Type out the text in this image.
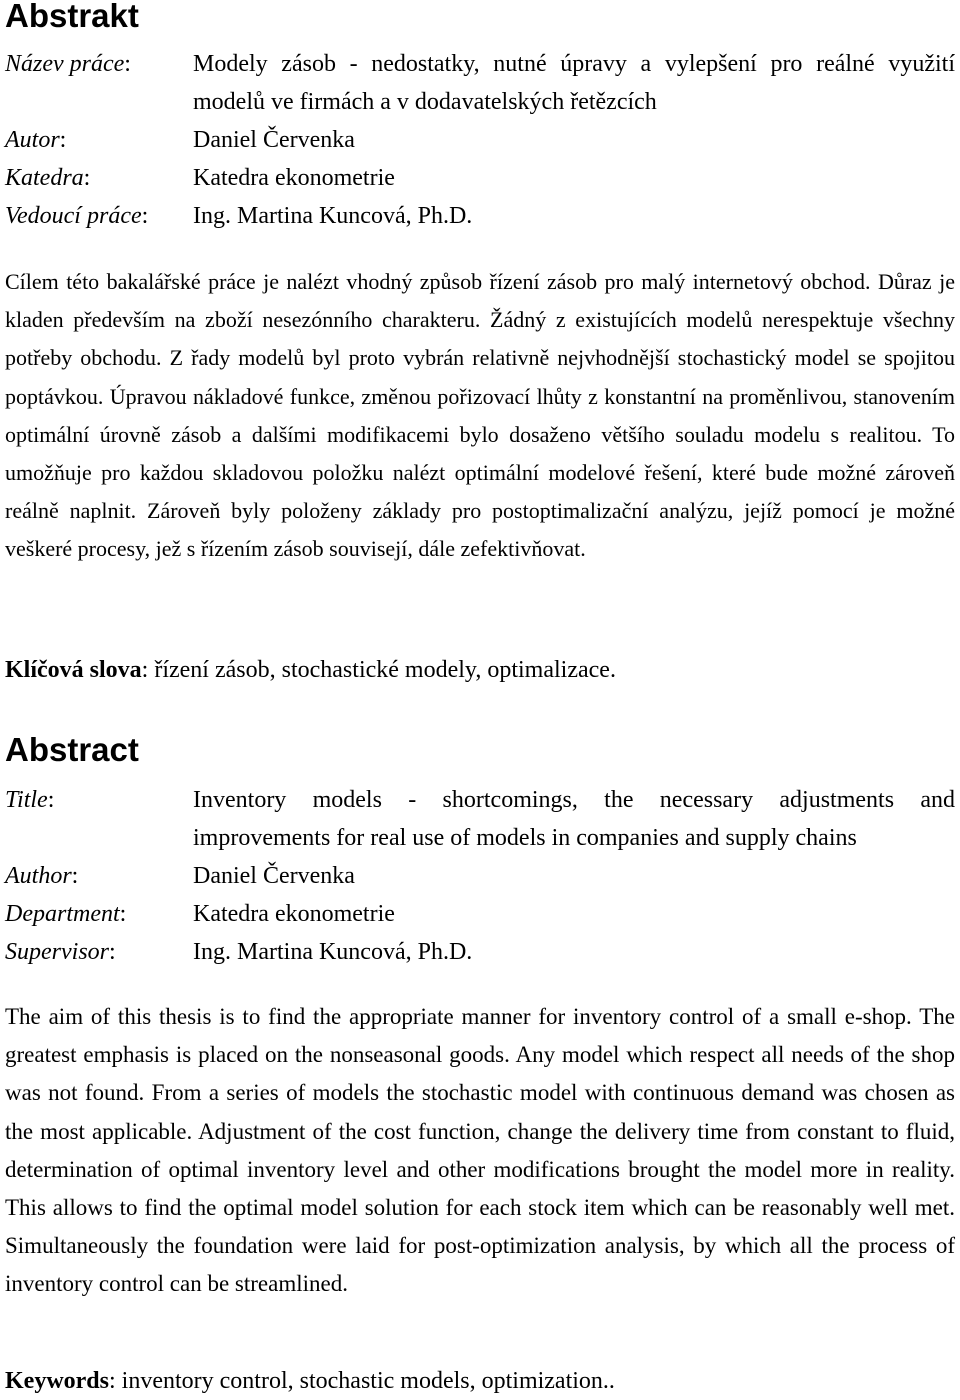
Abstrakt
Název práce:	Modely zásob - nedostatky, nutné úpravy a vylepšení pro reálné využití modelů ve firmách a v dodavatelských řetězcích
Autor:	Daniel Červenka
Katedra:	Katedra ekonometrie
Vedoucí práce:	Ing. Martina Kuncová, Ph.D.

Cílem této bakalářské práce je nalézt vhodný způsob řízení zásob pro malý internetový obchod. Důraz je kladen především na zboží nesezónního charakteru. Žádný z existujících modelů nerespektuje všechny potřeby obchodu. Z řady modelů byl proto vybrán relativně nejvhodnější stochastický model se spojitou poptávkou. Úpravou nákladové funkce, změnou pořizovací lhůty z konstantní na proměnlivou, stanovením optimální úrovně zásob a dalšími modifikacemi bylo dosaženo většího souladu modelu s realitou. To umožňuje pro každou skladovou položku nalézt optimální modelové řešení, které bude možné zároveň reálně naplnit. Zároveň byly položeny základy pro postoptimalizační analýzu, jejíž pomocí je možné veškeré procesy, jež s řízením zásob souvisejí, dále zefektivňovat.

Klíčová slova: řízení zásob, stochastické modely, optimalizace.

Abstract
Title:	Inventory models - shortcomings, the necessary adjustments and improvements for real use of models in companies and supply chains
Author:	Daniel Červenka
Department:	Katedra ekonometrie
Supervisor:	Ing. Martina Kuncová, Ph.D.

The aim of this thesis is to find the appropriate manner for inventory control of a small e-shop. The greatest emphasis is placed on the nonseasonal goods. Any model which respect all needs of the shop was not found. From a series of models the stochastic model with continuous demand was chosen as the most applicable. Adjustment of the cost function, change the delivery time from constant to fluid, determination of optimal inventory level and other modifications brought the model more in reality. This allows to find the optimal model solution for each stock item which can be reasonably well met. Simultaneously the foundation were laid for post-optimization analysis, by which all the process of inventory control can be streamlined.

Keywords: inventory control, stochastic models, optimization..
